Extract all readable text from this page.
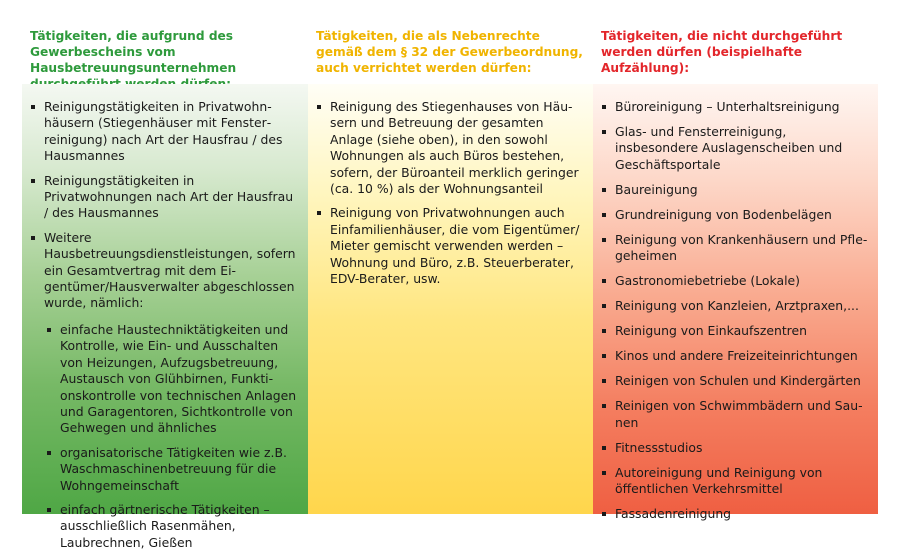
Tätigkeiten, die aufgrund des Gewerbescheins vom Hausbetreuungsunternehmen
Reinigungstätigkeiten in Privatwohnhäusern (Stiegenhäuser mit Fensterreinigung) nach Art der Hausfrau / des Hausmannes
Reinigungstätigkeiten in Privatwohnungen nach Art der Hausfrau / des Hausmannes
Weitere Hausbetreuungsdienstleistungen, sofern ein Gesamtvertrag mit dem Eigentümer/Hausverwalter abgeschlossen wurde, nämlich:
einfache Haustechniktätigkeiten und Kontrolle, wie Ein- und Ausschalten von Heizungen, Aufzugsbetreuung, Austausch von Glühbirnen, Funktionskontrolle von technischen Anlagen und Garagentoren, Sichtkontrolle von Gehwegen und ähnliches
organisatorische Tätigkeiten wie z.B. Waschmaschinenbetreuung für die Wohngemeinschaft
einfach gärtnerische Tätigkeiten – ausschließlich Rasenmähen, Laubrechnen, Gießen
Tätigkeiten, die als Nebenrechte gemäß dem § 32 der Gewerbeordnung, auch verrichtet werden dürfen:
Reinigung des Stiegenhauses von Häusern und Betreuung der gesamten Anlage (siehe oben), in den sowohl Wohnungen als auch Büros bestehen, sofern, der Büroanteil merklich geringer (ca. 10 %) als der Wohnungsanteil
Reinigung von Privatwohnungen auch Einfamilienhäuser, die vom Eigentümer/ Mieter gemischt verwenden werden – Wohnung und Büro, z.B. Steuerberater, EDV-Berater, usw.
Tätigkeiten, die nicht durchgeführt werden dürfen (beispielhafte Aufzählung):
Büroreinigung – Unterhaltsreinigung
Glas- und Fensterreinigung, insbesondere Auslagenscheiben und Geschäftsportale
Baureinigung
Grundreinigung von Bodenbelägen
Reinigung von Krankenhäusern und Pflegeheimen
Gastronomiebetriebe (Lokale)
Reinigung von Kanzleien, Arztpraxen,...
Reinigung von Einkaufszentren
Kinos und andere Freizeiteinrichtungen
Reinigen von Schulen und Kindergärten
Reinigen von Schwimmbädern und Saunen
Fitnessstudios
Autoreinigung und Reinigung von öffentlichen Verkehrsmittel
Fassadenreinigung
